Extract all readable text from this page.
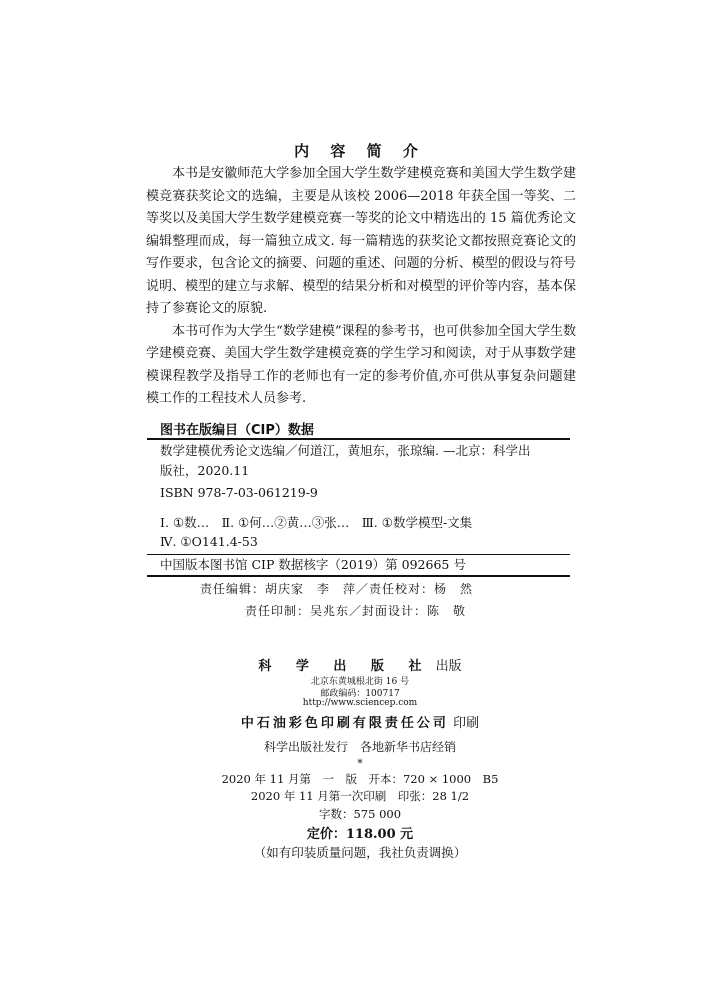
内 容 简 介

本书是安徽师范大学参加全国大学生数学建模竞赛和美国大学生数学建模竞赛获奖论文的选编，主要是从该校 2006—2018 年获全国一等奖、二等奖以及美国大学生数学建模竞赛一等奖的论文中精选出的 15 篇优秀论文编辑整理而成，每一篇独立成文. 每一篇精选的获奖论文都按照竞赛论文的写作要求，包含论文的摘要、问题的重述、问题的分析、模型的假设与符号说明、模型的建立与求解、模型的结果分析和对模型的评价等内容，基本保持了参赛论文的原貌.

本书可作为大学生“数学建模”课程的参考书，也可供参加全国大学生数学建模竞赛、美国大学生数学建模竞赛的学生学习和阅读，对于从事数学建模课程教学及指导工作的老师也有一定的参考价值,亦可供从事复杂问题建模工作的工程技术人员参考.

图书在版编目（CIP）数据
数学建模优秀论文选编／何道江，黄旭东，张琼编. —北京：科学出
版社，2020.11
ISBN 978-7-03-061219-9
Ⅰ. ①数…　Ⅱ. ①何…②黄…③张…　Ⅲ. ①数学模型-文集
Ⅳ. ①O141.4-53
中国版本图书馆 CIP 数据核字（2019）第 092665 号
责任编辑：胡庆家　李　萍／责任校对：杨　然
责任印制：吴兆东／封面设计：陈　敬
科 学 出 版 社 出版
北京东黄城根北街 16 号
邮政编码：100717
http://www.sciencep.com
中石油彩色印刷有限责任公司 印刷
科学出版社发行　各地新华书店经销
*
2020 年 11 月第　一　版　开本：720 × 1000　B5
2020 年 11 月第一次印刷　印张：28 1/2
字数：575 000
定价：118.00 元
（如有印装质量问题，我社负责调换）
